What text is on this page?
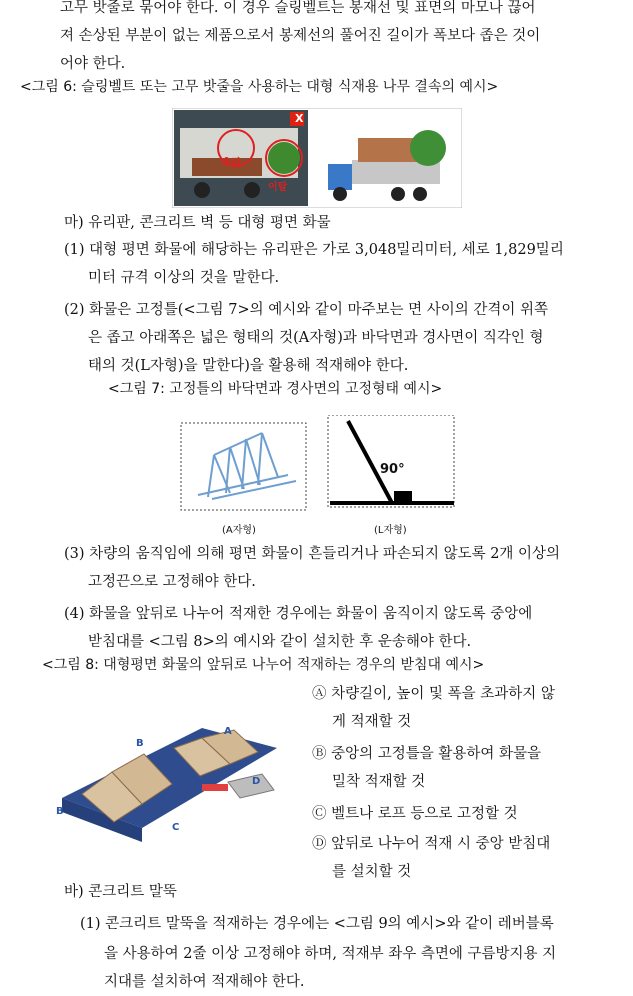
고무 밧줄로 묶어야 한다. 이 경우 슬링벨트는 봉재선 및 표면의 마모나 끊어
져 손상된 부분이 없는 제품으로서 봉제선의 풀어진 길이가 폭보다 좁은 것이
어야 한다.
<그림 6: 슬링벨트 또는 고무 밧줄을 사용하는 대형 식재용 나무 결속의 예시>
X
추락
이탈
마) 유리판, 콘크리트 벽 등 대형 평면 화물
(1) 대형 평면 화물에 해당하는 유리판은 가로 3,048밀리미터, 세로 1,829밀리
미터 규격 이상의 것을 말한다.
(2) 화물은 고정틀(<그림 7>의 예시와 같이 마주보는 면 사이의 간격이 위쪽
은 좁고 아래쪽은 넓은 형태의 것(A자형)과 바닥면과 경사면이 직각인 형
태의 것(L자형)을 말한다)을 활용해 적재해야 한다.
<그림 7: 고정틀의 바닥면과 경사면의 고정형태 예시>
90°
(A자형)	(L자형)
(3) 차량의 움직임에 의해 평면 화물이 흔들리거나 파손되지 않도록 2개 이상의
고정끈으로 고정해야 한다.
(4) 화물을 앞뒤로 나누어 적재한 경우에는 화물이 움직이지 않도록 중앙에
받침대를 <그림 8>의 예시와 같이 설치한 후 운송해야 한다.
<그림 8: 대형평면 화물의 앞뒤로 나누어 적재하는 경우의 받침대 예시>
A
B
C
D
B
Ⓐ 차량길이, 높이 및 폭을 초과하지 않
게 적재할 것
Ⓑ 중앙의 고정틀을 활용하여 화물을
밀착 적재할 것
Ⓒ 벨트나 로프 등으로 고정할 것
Ⓓ 앞뒤로 나누어 적재 시 중앙 받침대
를 설치할 것
바) 콘크리트 말뚝
(1) 콘크리트 말뚝을 적재하는 경우에는 <그림 9의 예시>와 같이 레버블록
을 사용하여 2줄 이상 고정해야 하며, 적재부 좌우 측면에 구름방지용 지
지대를 설치하여 적재해야 한다.
